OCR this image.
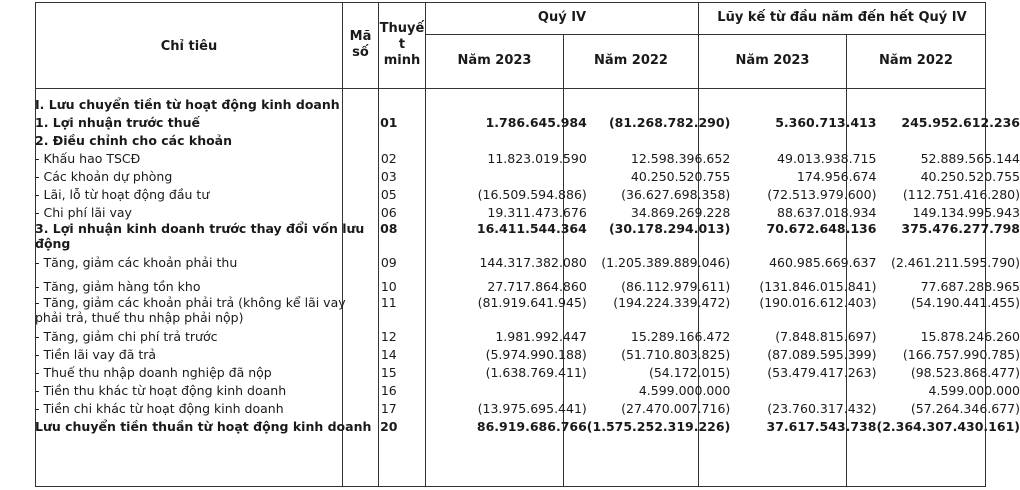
Chỉ tiêu
Mã số
Thuyết minh
Quý IV	Lũy kế từ đầu năm đến hết Quý IV
Năm 2023	Năm 2022	Năm 2023	Năm 2022
I. Lưu chuyển tiền từ hoạt động kinh doanh						
1. Lợi nhuận trước thuế	01		1.786.645.984	(81.268.782.290)	5.360.713.413	245.952.612.236
2. Điều chỉnh cho các khoản						
- Khấu hao TSCĐ	02		11.823.019.590	12.598.396.652	49.013.938.715	52.889.565.144
- Các khoản dự phòng	03			40.250.520.755	174.956.674	40.250.520.755
- Lãi, lỗ từ hoạt động đầu tư	05		(16.509.594.886)	(36.627.698.358)	(72.513.979.600)	(112.751.416.280)
- Chi phí lãi vay	06		19.311.473.676	34.869.269.228	88.637.018.934	149.134.995.943
3. Lợi nhuận kinh doanh trước thay đổi vốn lưu động	08		16.411.544.364	(30.178.294.013)	70.672.648.136	375.476.277.798
- Tăng, giảm các khoản phải thu	09		144.317.382.080	(1.205.389.889.046)	460.985.669.637	(2.461.211.595.790)
- Tăng, giảm hàng tồn kho	10		27.717.864.860	(86.112.979.611)	(131.846.015.841)	77.687.288.965
- Tăng, giảm các khoản phải trả (không kể lãi vay phải trả, thuế thu nhập phải nộp)	11		(81.919.641.945)	(194.224.339.472)	(190.016.612.403)	(54.190.441.455)
- Tăng, giảm chi phí trả trước	12		1.981.992.447	15.289.166.472	(7.848.815.697)	15.878.246.260
- Tiền lãi vay đã trả	14		(5.974.990.188)	(51.710.803.825)	(87.089.595.399)	(166.757.990.785)
- Thuế thu nhập doanh nghiệp đã nộp	15		(1.638.769.411)	(54.172.015)	(53.479.417.263)	(98.523.868.477)
- Tiền thu khác từ hoạt động kinh doanh	16			4.599.000.000		4.599.000.000
- Tiền chi khác từ hoạt động kinh doanh	17		(13.975.695.441)	(27.470.007.716)	(23.760.317.432)	(57.264.346.677)
Lưu chuyển tiền thuần từ hoạt động kinh doanh	20		86.919.686.766	(1.575.252.319.226)	37.617.543.738	(2.364.307.430.161)
